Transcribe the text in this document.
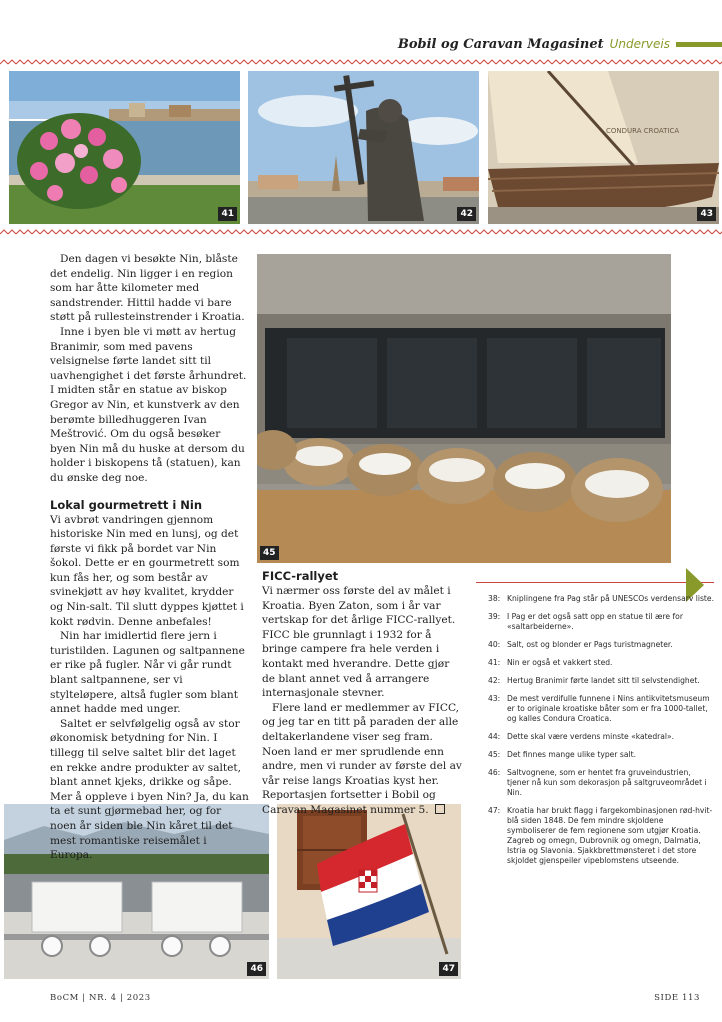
Bobil og Caravan Magasinet Underveis
41	42
CONDURA CROATICA
43
45
46	47

Den dagen vi besøkte Nin, blåste det endelig. Nin ligger i en region som har åtte kilometer med sandstrender. Hittil hadde vi bare støtt på rullesteinstrender i Kroatia.

Inne i byen ble vi møtt av hertug Branimir, som med pavens velsignelse førte landet sitt til uavhengighet i det første århundret. I midten står en statue av biskop Gregor av Nin, et kunstverk av den berømte billedhuggeren Ivan Meštrović. Om du også besøker byen Nin må du huske at dersom du holder i biskopens tå (statuen), kan du ønske deg noe.

Lokal gourmetrett i Nin

Vi avbrøt vandringen gjennom historiske Nin med en lunsj, og det første vi fikk på bordet var Nin šokol. Dette er en gourmetrett som kun fås her, og som består av svinekjøtt av høy kvalitet, krydder og Nin-salt. Til slutt dyppes kjøttet i kokt rødvin. Denne anbefales!

Nin har imidlertid flere jern i turistilden. Lagunen og saltpannene er rike på fugler. Når vi går rundt blant saltpannene, ser vi stylteløpere, altså fugler som blant annet hadde med unger.

Saltet er selvfølgelig også av stor økonomisk betydning for Nin. I tillegg til selve saltet blir det laget en rekke andre produkter av saltet, blant annet kjeks, drikke og såpe. Mer å oppleve i byen Nin? Ja, du kan ta et sunt gjørmebad her, og for noen år siden ble Nin kåret til det mest romantiske reisemålet i Europa.

FICC-rallyet

Vi nærmer oss første del av målet i Kroatia. Byen Zaton, som i år var vertskap for det årlige FICC-rallyet. FICC ble grunnlagt i 1932 for å bringe campere fra hele verden i kontakt med hverandre. Dette gjør de blant annet ved å arrangere internasjonale stevner.

Flere land er medlemmer av FICC, og jeg tar en titt på paraden der alle deltakerlandene viser seg fram. Noen land er mer sprudlende enn andre, men vi runder av første del av vår reise langs Kroatias kyst her. Reportasjen fortsetter i Bobil og Caravan Magasinet nummer 5.

38: Kniplingene fra Pag står på UNESCOs verdensarv liste.
39: I Pag er det også satt opp en statue til ære for «saltarbeiderne».
40: Salt, ost og blonder er Pags turistmagneter.
41: Nin er også et vakkert sted.
42: Hertug Branimir førte landet sitt til selvstendighet.
43: De mest verdifulle funnene i Nins antikvitetsmuseum er to originale kroatiske båter som er fra 1000-tallet, og kalles Condura Croatica.
44: Dette skal være verdens minste «katedral».
45: Det finnes mange ulike typer salt.
46: Saltvognene, som er hentet fra gruveindustrien, tjener nå kun som dekorasjon på saltgruveområdet i Nin.
47: Kroatia har brukt flagg i fargekombinasjonen rød-hvit-blå siden 1848. De fem mindre skjoldene symboliserer de fem regionene som utgjør Kroatia. Zagreb og omegn, Dubrovnik og omegn, Dalmatia, Istria og Slavonia. Sjakkbrettmønsteret i det store skjoldet gjenspeiler vipeblomstens utseende.
BoCM | NR. 4 | 2023	SIDE 113
